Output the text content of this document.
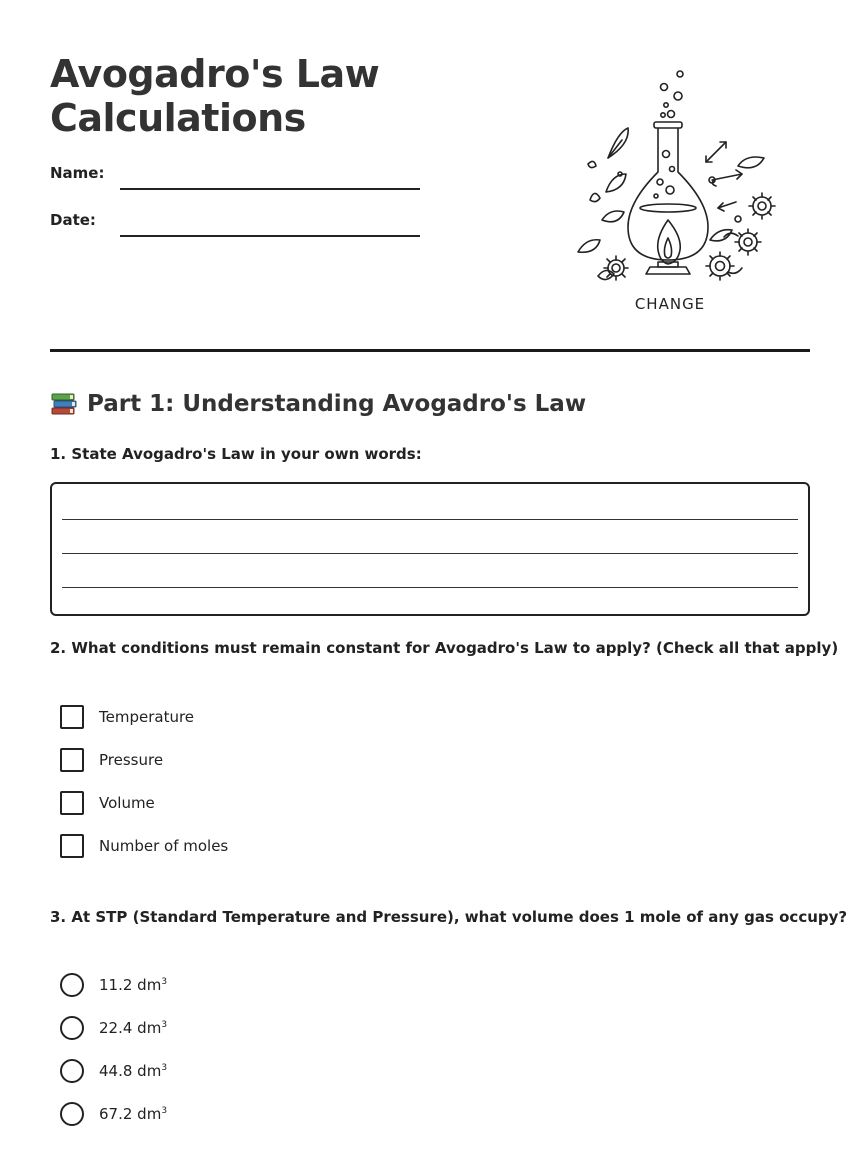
Avogadro's Law
Calculations
Name:
Date:
CHANGE
Part 1: Understanding Avogadro's Law

1. State Avogadro's Law in your own words:

2. What conditions must remain constant for Avogadro's Law to apply? (Check all that apply)

Temperature
Pressure
Volume
Number of moles

3. At STP (Standard Temperature and Pressure), what volume does 1 mole of any gas occupy?

11.2 $dm^3$
22.4 $dm^3$
44.8 $dm^3$
67.2 $dm^3$
